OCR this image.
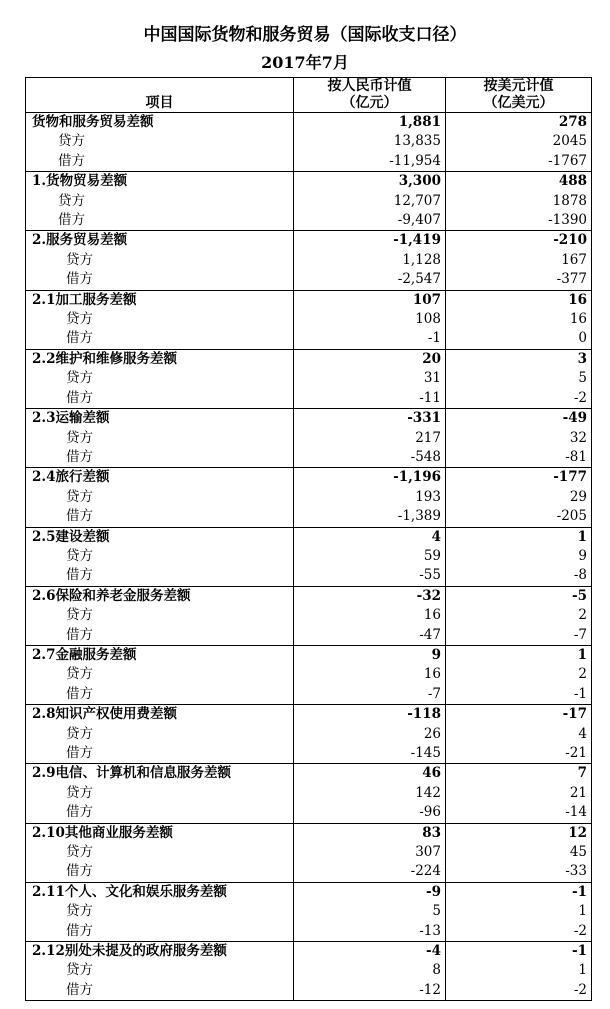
中国国际货物和服务贸易（国际收支口径）
2017年7月
项目	按人民币计值	按美元计值
	（亿元）	（亿美元）
货物和服务贸易差额	1,881	278
贷方	13,835	2045
借方	-11,954	-1767
1.货物贸易差额	3,300	488
贷方	12,707	1878
借方	-9,407	-1390
2.服务贸易差额	-1,419	-210
贷方	1,128	167
借方	-2,547	-377
2.1加工服务差额	107	16
贷方	108	16
借方	-1	0
2.2维护和维修服务差额	20	3
贷方	31	5
借方	-11	-2
2.3运输差额	-331	-49
贷方	217	32
借方	-548	-81
2.4旅行差额	-1,196	-177
贷方	193	29
借方	-1,389	-205
2.5建设差额	4	1
贷方	59	9
借方	-55	-8
2.6保险和养老金服务差额	-32	-5
贷方	16	2
借方	-47	-7
2.7金融服务差额	9	1
贷方	16	2
借方	-7	-1
2.8知识产权使用费差额	-118	-17
贷方	26	4
借方	-145	-21
2.9电信、计算机和信息服务差额	46	7
贷方	142	21
借方	-96	-14
2.10其他商业服务差额	83	12
贷方	307	45
借方	-224	-33
2.11个人、文化和娱乐服务差额	-9	-1
贷方	5	1
借方	-13	-2
2.12别处未提及的政府服务差额	-4	-1
贷方	8	1
借方	-12	-2
